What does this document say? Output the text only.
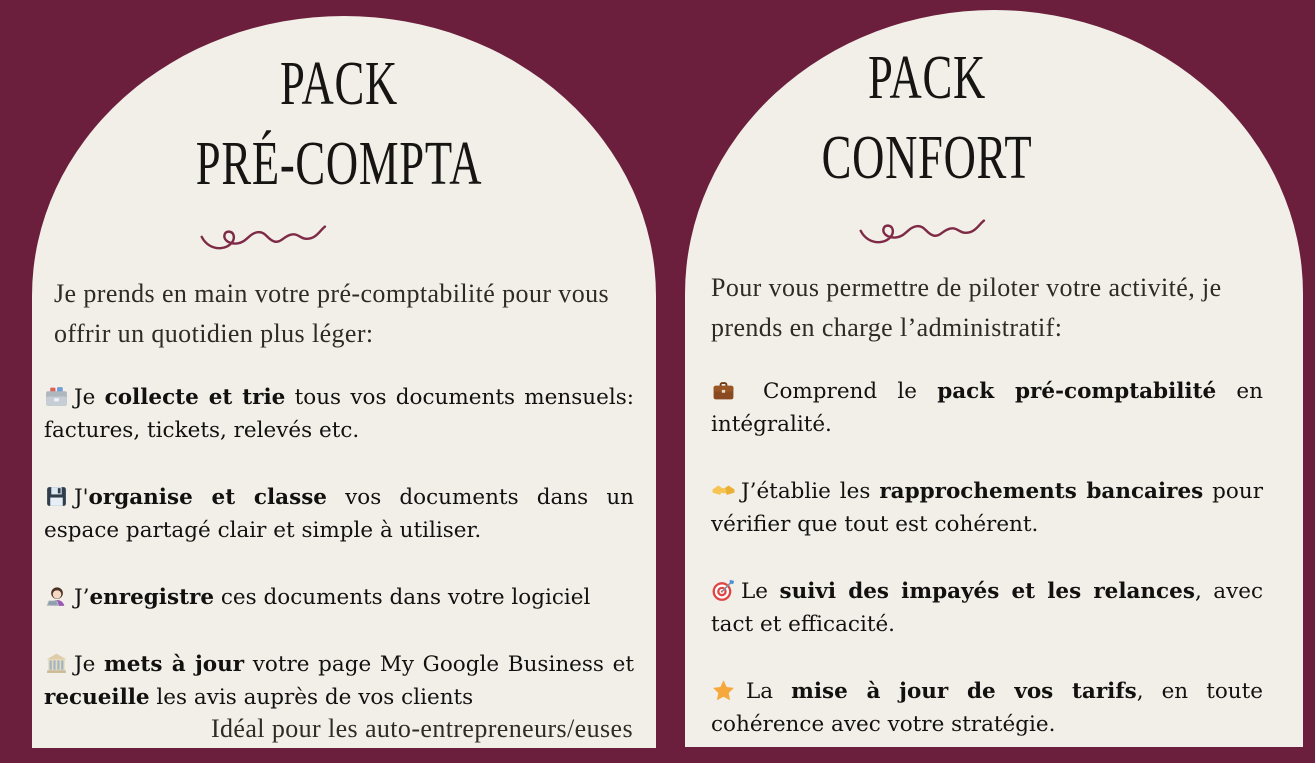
PACK
PRÉ-COMPTA

Je prends en main votre pré-comptabilité pour vous offrir un quotidien plus léger:

Je collecte et trie tous vos documents mensuels: factures, tickets, relevés etc.

J'organise et classe vos documents dans un espace partagé clair et simple à utiliser.

J’enregistre ces documents dans votre logiciel

Je mets à jour votre page My Google Business et recueille les avis auprès de vos clients

Idéal pour les auto-entrepreneurs/euses

PACK
CONFORT

Pour vous permettre de piloter votre activité, je prends en charge l’administratif:

Comprend le pack pré-comptabilité en intégralité.

J’établie les rapprochements bancaires pour vérifier que tout est cohérent.

Le suivi des impayés et les relances, avec tact et efficacité.

La mise à jour de vos tarifs, en toute cohérence avec votre stratégie.
